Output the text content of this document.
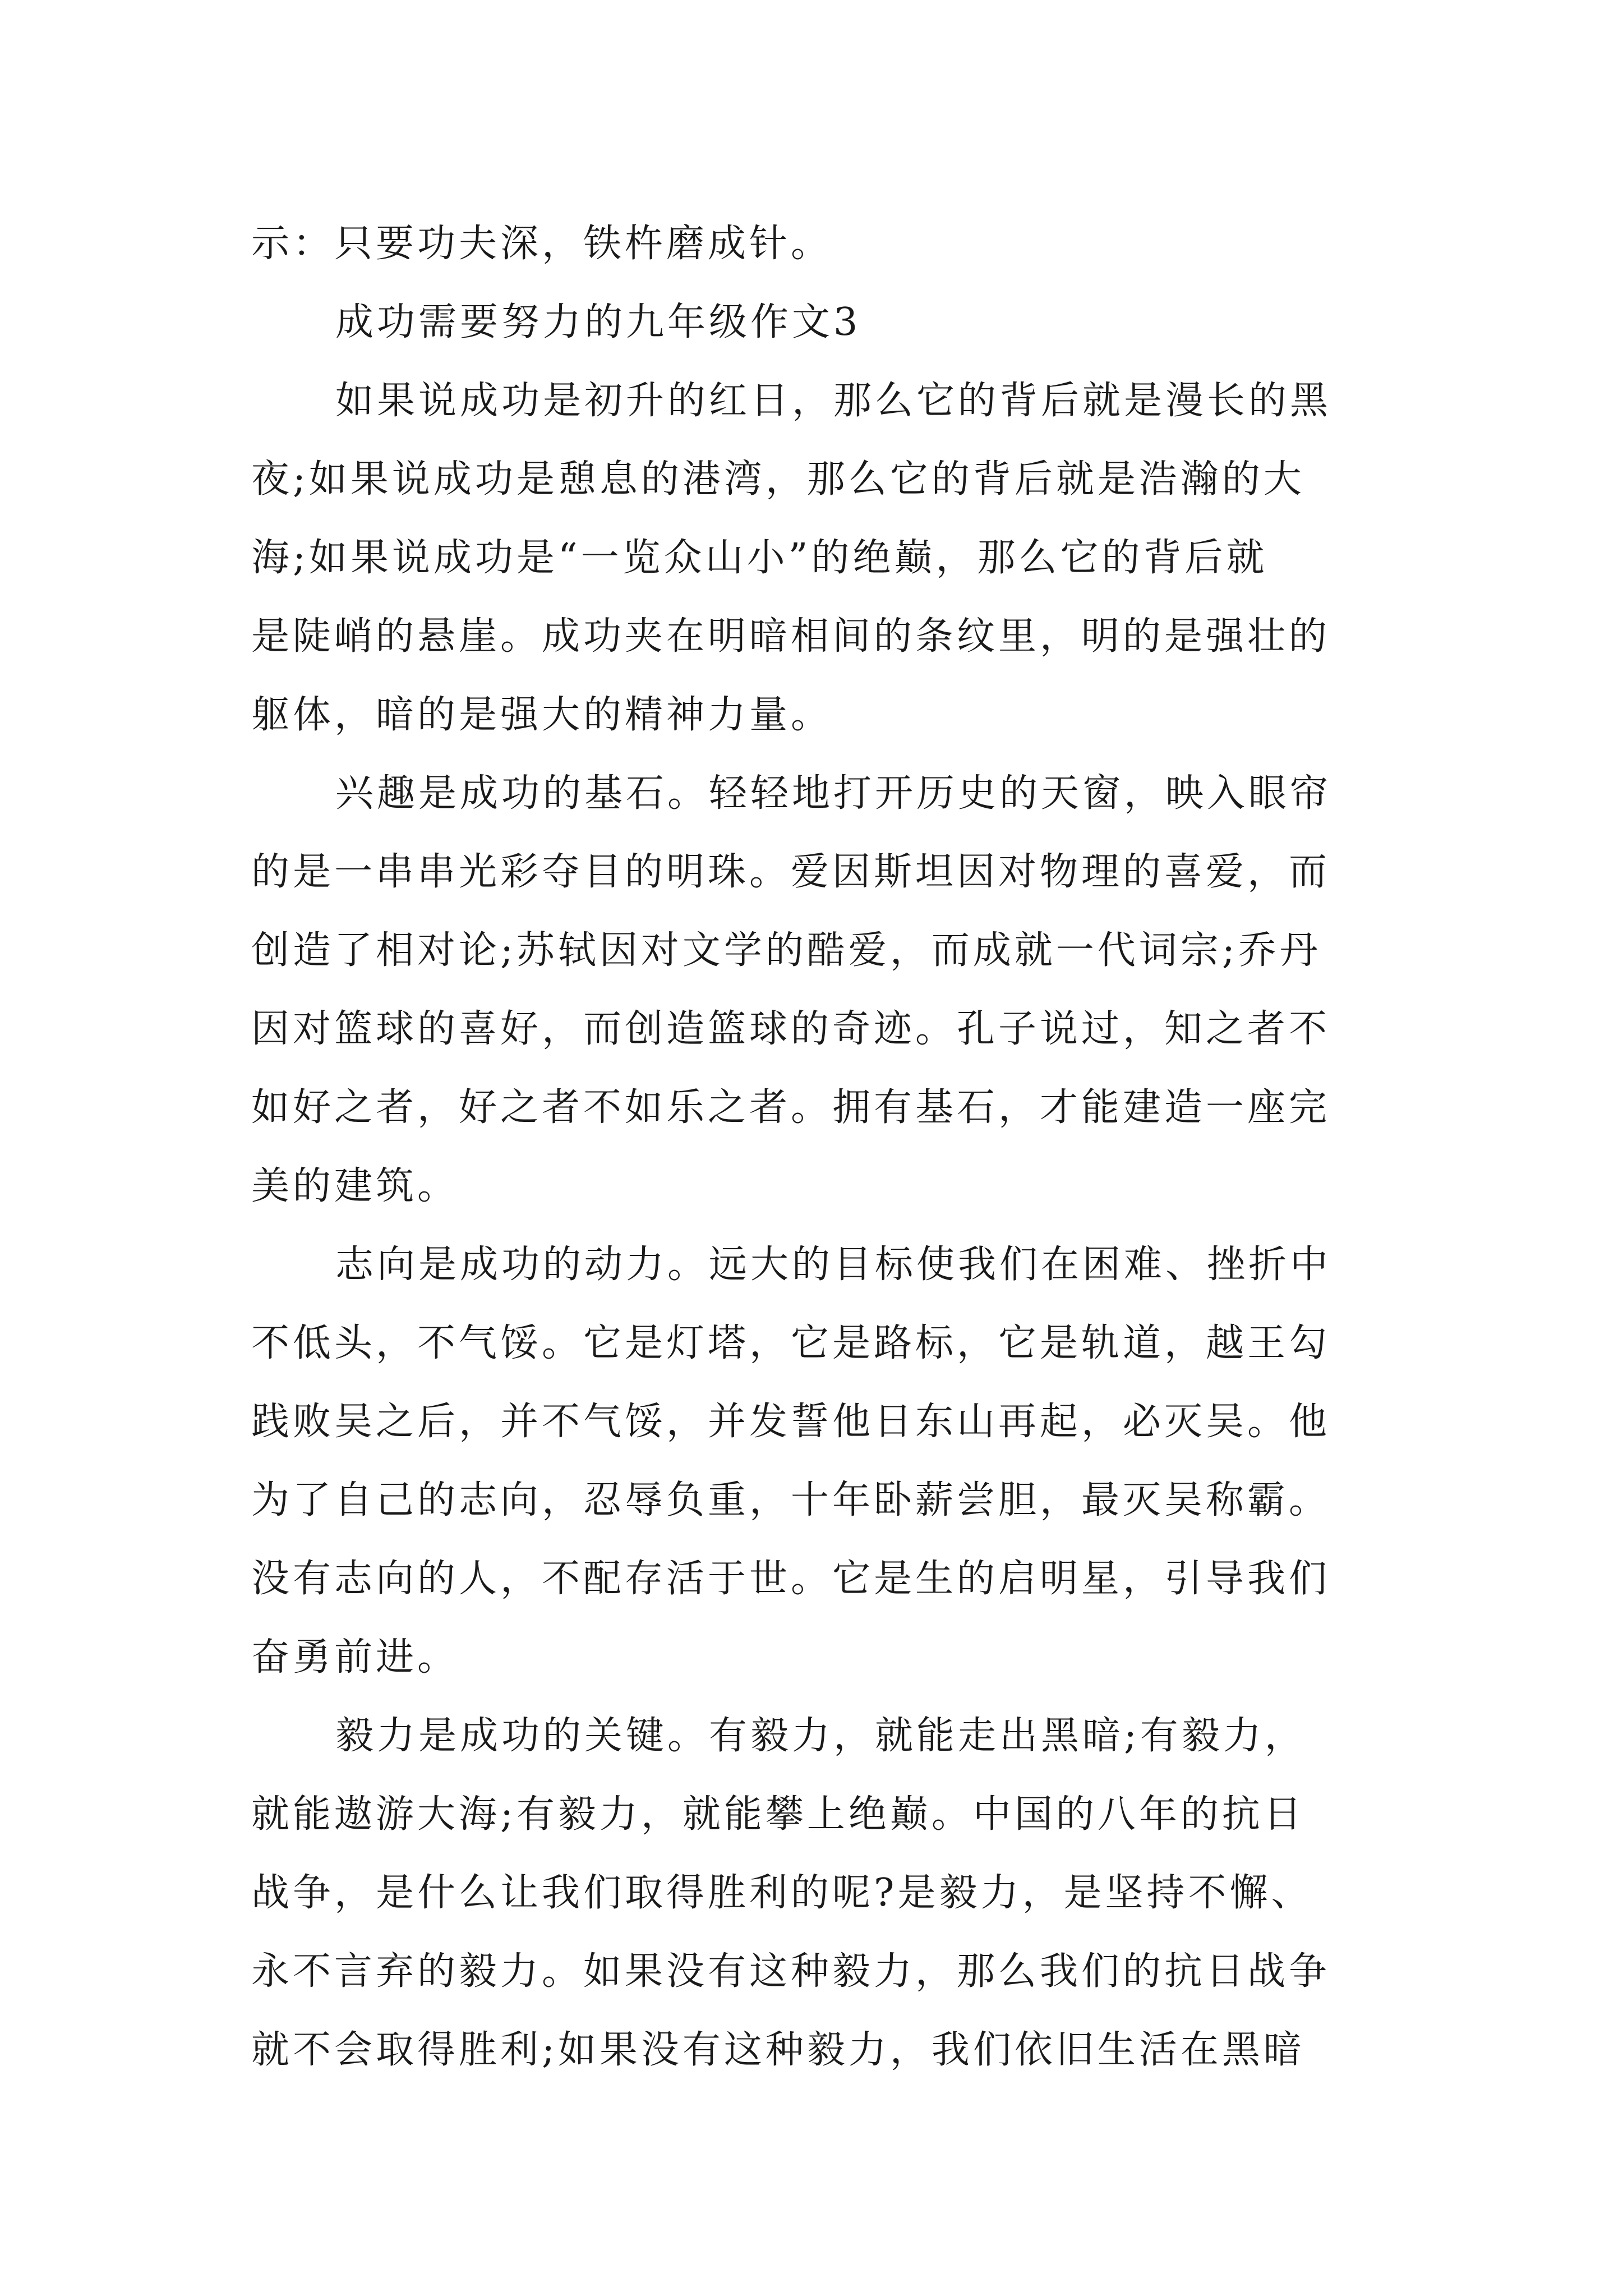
示：只要功夫深，铁杵磨成针。
成功需要努力的九年级作文3
如果说成功是初升的红日，那么它的背后就是漫长的黑
夜;如果说成功是憩息的港湾，那么它的背后就是浩瀚的大
海;如果说成功是“一览众山小”的绝巅，那么它的背后就
是陡峭的悬崖。成功夹在明暗相间的条纹里，明的是强壮的
躯体，暗的是强大的精神力量。
兴趣是成功的基石。轻轻地打开历史的天窗，映入眼帘
的是一串串光彩夺目的明珠。爱因斯坦因对物理的喜爱，而
创造了相对论;苏轼因对文学的酷爱，而成就一代词宗;乔丹
因对篮球的喜好，而创造篮球的奇迹。孔子说过，知之者不
如好之者，好之者不如乐之者。拥有基石，才能建造一座完
美的建筑。
志向是成功的动力。远大的目标使我们在困难、挫折中
不低头，不气馁。它是灯塔，它是路标，它是轨道，越王勾
践败吴之后，并不气馁，并发誓他日东山再起，必灭吴。他
为了自己的志向，忍辱负重，十年卧薪尝胆，最灭吴称霸。
没有志向的人，不配存活于世。它是生的启明星，引导我们
奋勇前进。
毅力是成功的关键。有毅力，就能走出黑暗;有毅力，
就能遨游大海;有毅力，就能攀上绝巅。中国的八年的抗日
战争，是什么让我们取得胜利的呢?是毅力，是坚持不懈、
永不言弃的毅力。如果没有这种毅力，那么我们的抗日战争
就不会取得胜利;如果没有这种毅力，我们依旧生活在黑暗
